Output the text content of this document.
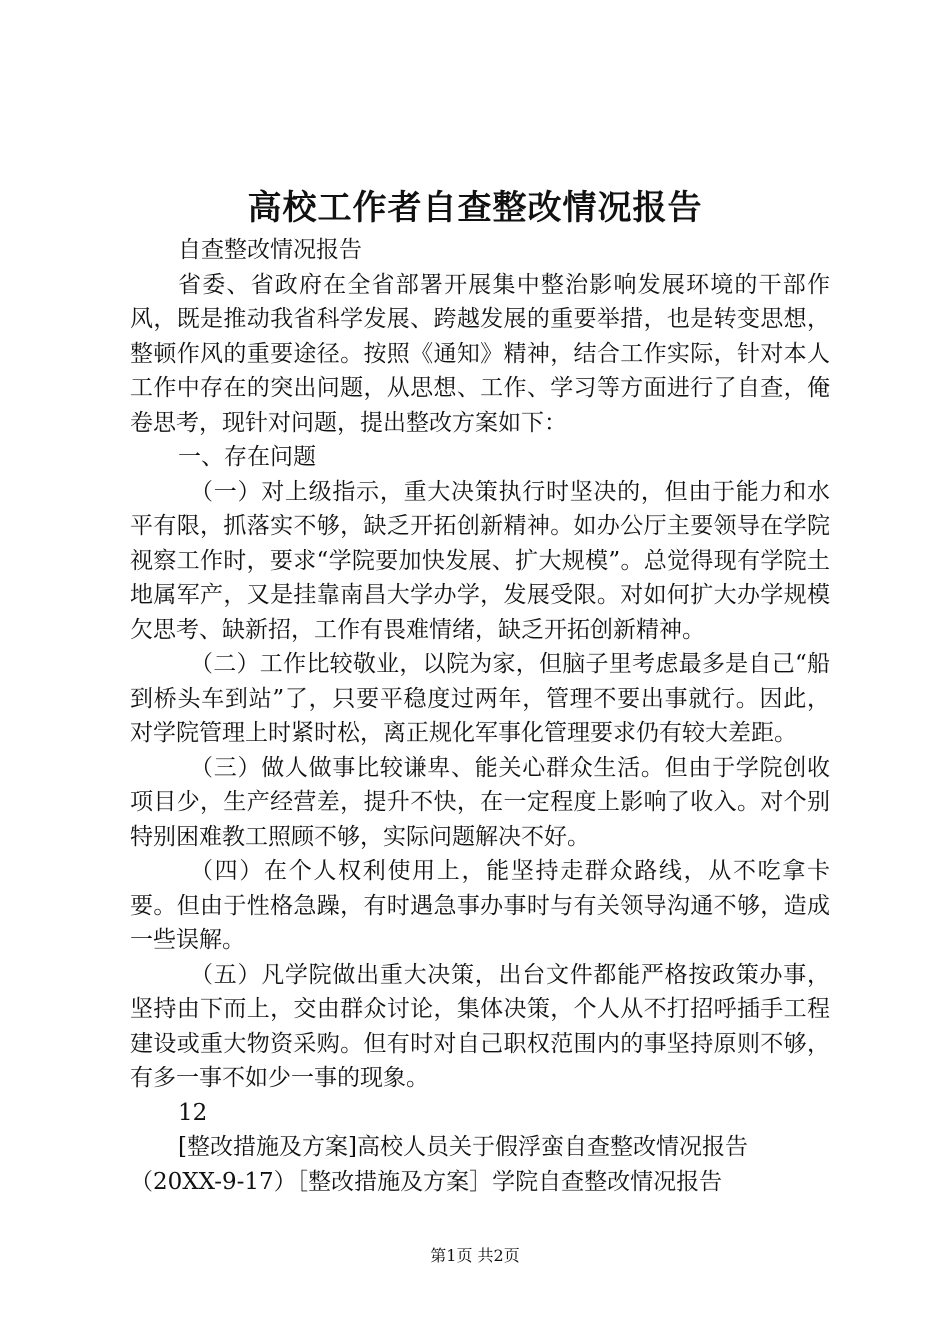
高校工作者自查整改情况报告

自查整改情况报告

省委、省政府在全省部署开展集中整治影响发展环境的干部作风，既是推动我省科学发展、跨越发展的重要举措，也是转变思想，整顿作风的重要途径。按照《通知》精神，结合工作实际，针对本人工作中存在的突出问题，从思想、工作、学习等方面进行了自查，俺卷思考，现针对问题，提出整改方案如下：

一、存在问题

（一）对上级指示，重大决策执行时坚决的，但由于能力和水平有限，抓落实不够，缺乏开拓创新精神。如办公厅主要领导在学院视察工作时，要求“学院要加快发展、扩大规模”。总觉得现有学院土地属军产，又是挂靠南昌大学办学，发展受限。对如何扩大办学规模欠思考、缺新招，工作有畏难情绪，缺乏开拓创新精神。

（二）工作比较敬业，以院为家，但脑子里考虑最多是自己“船到桥头车到站”了，只要平稳度过两年，管理不要出事就行。因此，对学院管理上时紧时松，离正规化军事化管理要求仍有较大差距。

（三）做人做事比较谦卑、能关心群众生活。但由于学院创收项目少，生产经营差，提升不快，在一定程度上影响了收入。对个别特别困难教工照顾不够，实际问题解决不好。

（四）在个人权利使用上，能坚持走群众路线，从不吃拿卡要。但由于性格急躁，有时遇急事办事时与有关领导沟通不够，造成一些误解。

（五）凡学院做出重大决策，出台文件都能严格按政策办事，坚持由下而上，交由群众讨论，集体决策，个人从不打招呼插手工程建设或重大物资采购。但有时对自己职权范围内的事坚持原则不够，有多一事不如少一事的现象。

12

[整改措施及方案]高校人员关于假浮蛮自查整改情况报告
（20XX-9-17）［整改措施及方案］学院自查整改情况报告

第1页 共2页
